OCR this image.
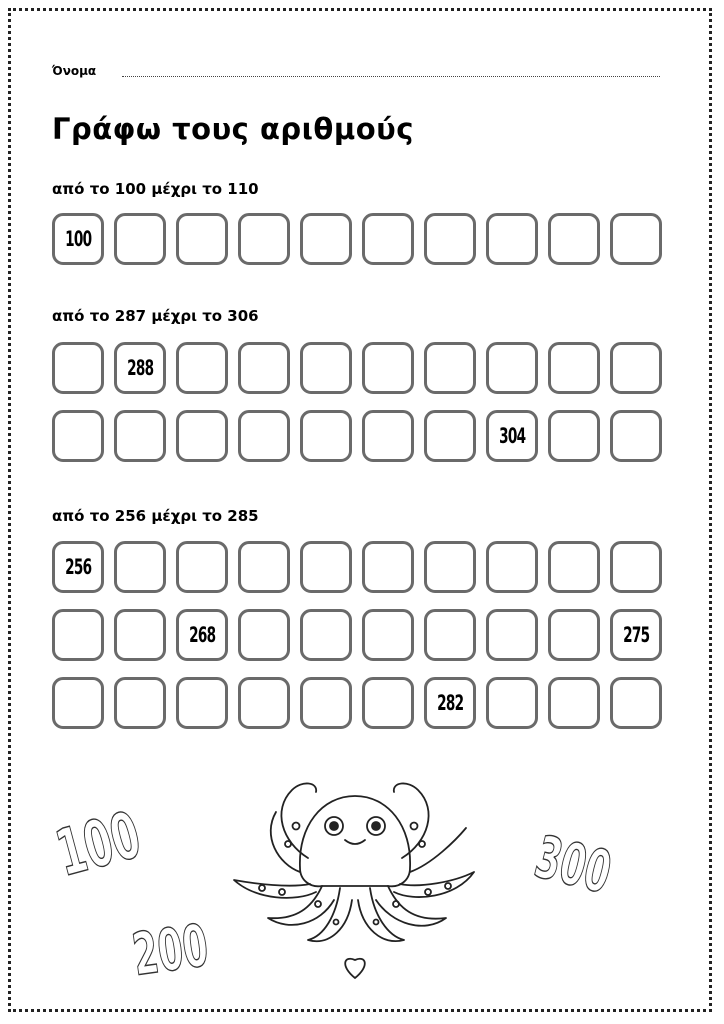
Όνομα
Γράφω τους αριθμούς

από το 100 μέχρι το 110

από το 287 μέχρι το 306

από το 256 μέχρι το 285

100
288
304
256
268	275
282
100
200
300
